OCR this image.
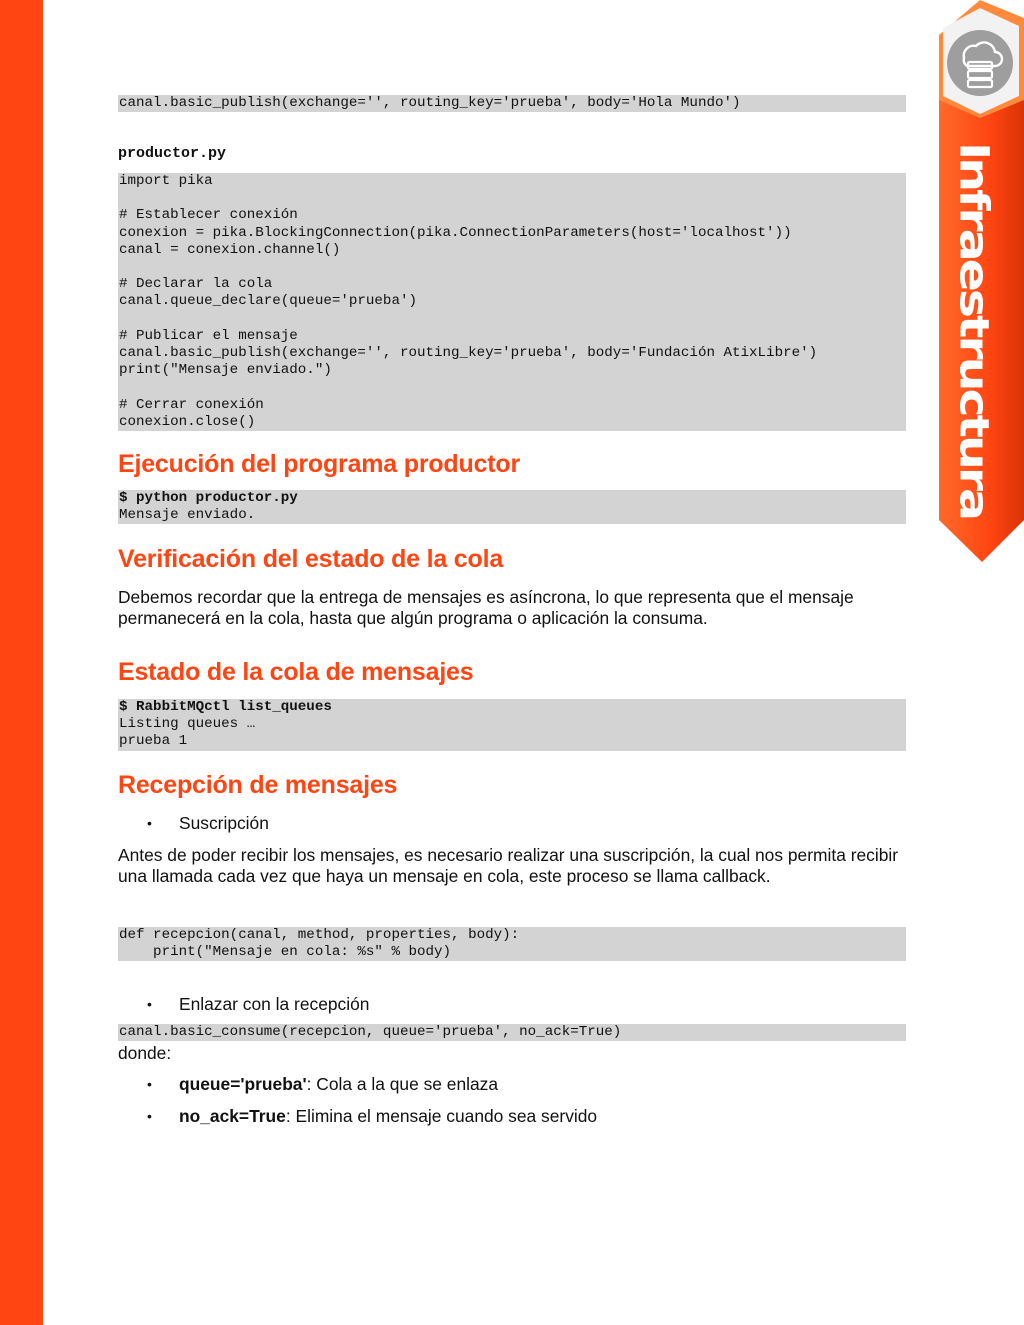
canal.basic_publish(exchange='', routing_key='prueba', body='Hola Mundo')
productor.py
import pika

# Establecer conexión
conexion = pika.BlockingConnection(pika.ConnectionParameters(host='localhost'))
canal = conexion.channel()

# Declarar la cola
canal.queue_declare(queue='prueba')

# Publicar el mensaje
canal.basic_publish(exchange='', routing_key='prueba', body='Fundación AtixLibre')
print("Mensaje enviado.")

# Cerrar conexión
conexion.close()
Ejecución del programa productor
$ python productor.py
Mensaje enviado.
Verificación del estado de la cola

Debemos recordar que la entrega de mensajes es asíncrona, lo que representa que el mensaje permanecerá en la cola, hasta que algún programa o aplicación la consuma.

Estado de la cola de mensajes
$ RabbitMQctl list_queues
Listing queues …
prueba 1
Recepción de mensajes
• Suscripción

Antes de poder recibir los mensajes, es necesario realizar una suscripción, la cual nos permita recibir una llamada cada vez que haya un mensaje en cola, este proceso se llama callback.

def recepcion(canal, method, properties, body):
print("Mensaje en cola: %s" % body)
• Enlazar con la recepción
canal.basic_consume(recepcion, queue='prueba', no_ack=True)

donde:

• queue='prueba': Cola a la que se enlaza
• no_ack=True: Elimina el mensaje cuando sea servido
Infraestructura
